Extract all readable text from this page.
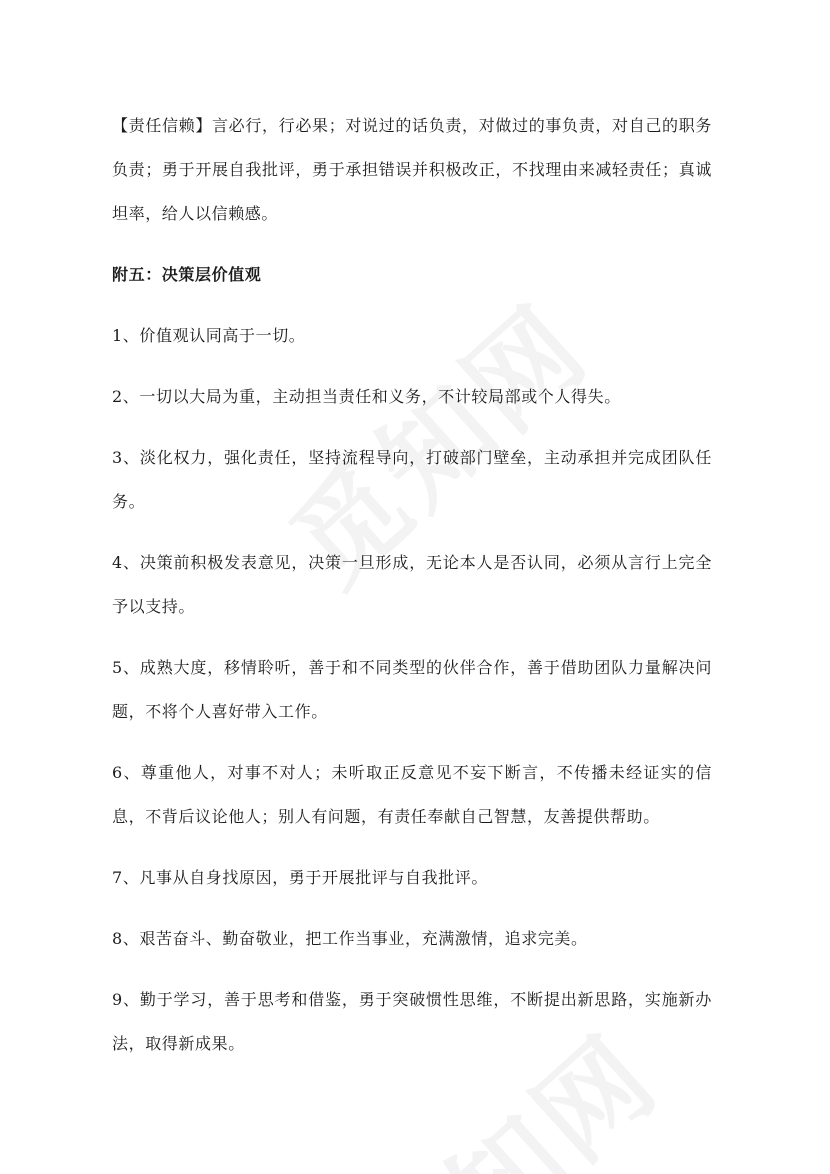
【责任信赖】言必行，行必果；对说过的话负责，对做过的事负责，对自己的职务负责；勇于开展自我批评，勇于承担错误并积极改正，不找理由来减轻责任；真诚坦率，给人以信赖感。

附五：决策层价值观

1、价值观认同高于一切。

2、一切以大局为重，主动担当责任和义务，不计较局部或个人得失。

3、淡化权力，强化责任，坚持流程导向，打破部门壁垒，主动承担并完成团队任务。

4、决策前积极发表意见，决策一旦形成，无论本人是否认同，必须从言行上完全予以支持。

5、成熟大度，移情聆听，善于和不同类型的伙伴合作，善于借助团队力量解决问题，不将个人喜好带入工作。

6、尊重他人，对事不对人；未听取正反意见不妄下断言，不传播未经证实的信息，不背后议论他人；别人有问题，有责任奉献自己智慧，友善提供帮助。

7、凡事从自身找原因，勇于开展批评与自我批评。

8、艰苦奋斗、勤奋敬业，把工作当事业，充满激情，追求完美。

9、勤于学习，善于思考和借鉴，勇于突破惯性思维，不断提出新思路，实施新办法，取得新成果。
